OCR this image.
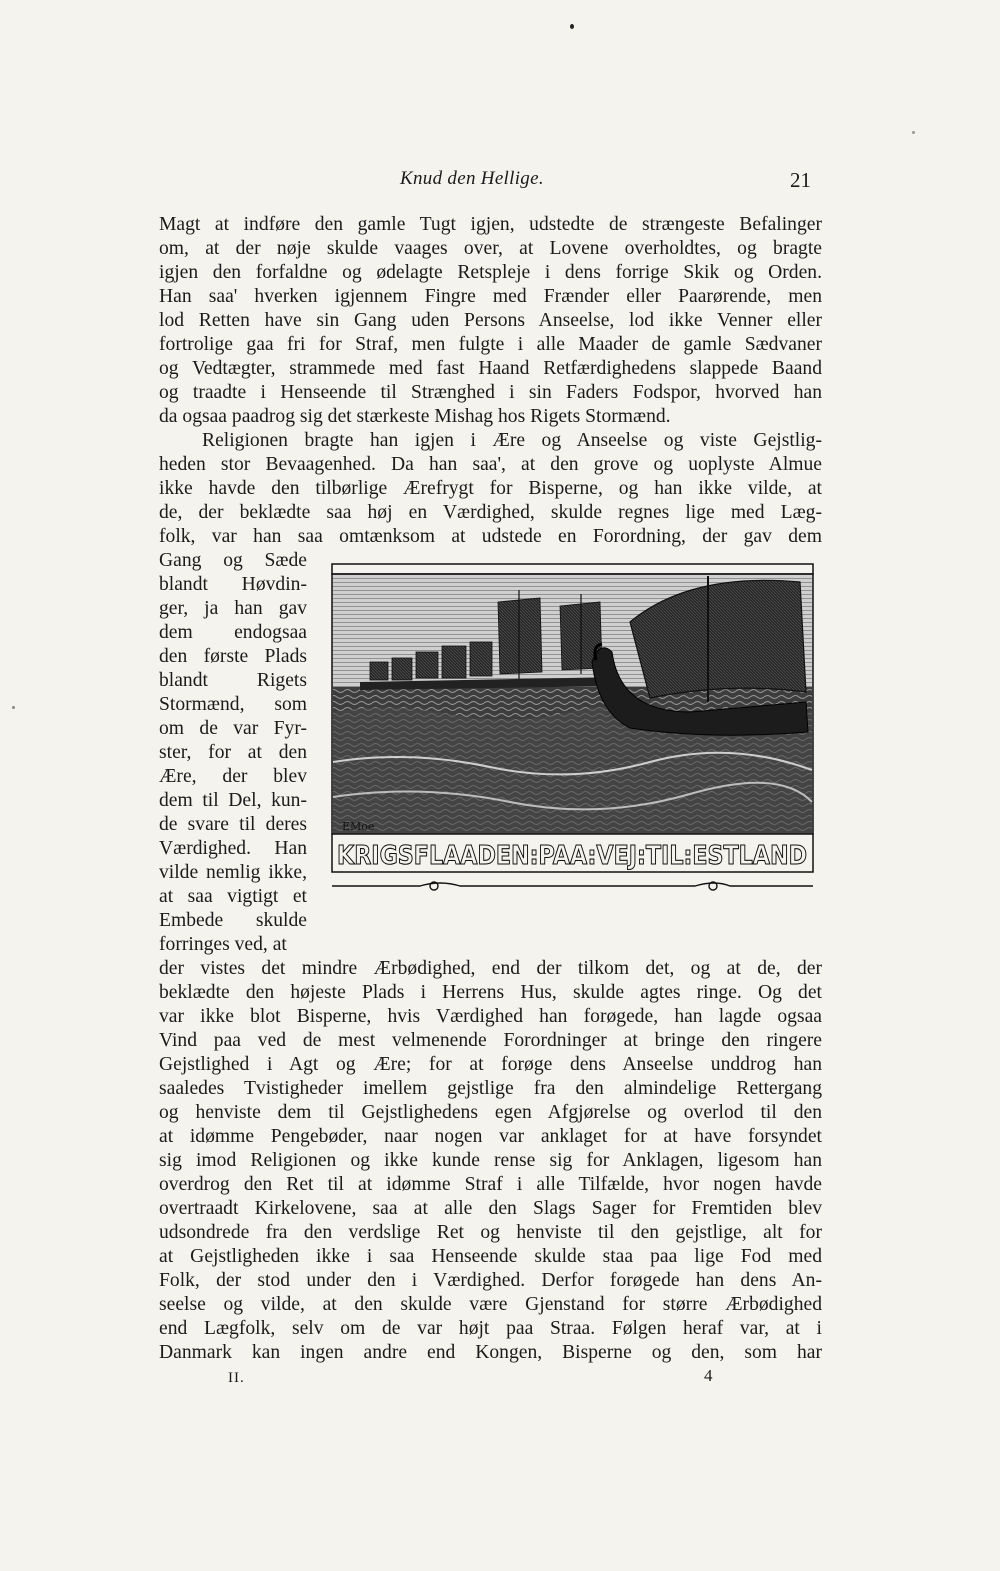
Knud den Hellige.	21
Magt at indføre den gamle Tugt igjen, udstedte de strængeste Befalinger
om, at der nøje skulde vaages over, at Lovene overholdtes, og bragte
igjen den forfaldne og ødelagte Retspleje i dens forrige Skik og Orden.
Han saa' hverken igjennem Fingre med Frænder eller Paarørende, men
lod Retten have sin Gang uden Persons Anseelse, lod ikke Venner eller
fortrolige gaa fri for Straf, men fulgte i alle Maader de gamle Sædvaner
og Vedtægter, strammede med fast Haand Retfærdighedens slappede Baand
og traadte i Henseende til Strænghed i sin Faders Fodspor, hvorved han
da ogsaa paadrog sig det stærkeste Mishag hos Rigets Stormænd.
Religionen bragte han igjen i Ære og Anseelse og viste Gejstlig-
heden stor Bevaagenhed. Da han saa', at den grove og uoplyste Almue
ikke havde den tilbørlige Ærefrygt for Bisperne, og han ikke vilde, at
de, der beklædte saa høj en Værdighed, skulde regnes lige med Læg-
folk, var han saa omtænksom at udstede en Forordning, der gav dem
Gang og Sæde
blandt Høvdin-
ger, ja han gav
dem endogsaa
den første Plads
blandt Rigets
Stormænd, som
om de var Fyr-
ster, for at den
Ære, der blev
dem til Del, kun-
de svare til deres
Værdighed. Han
vilde nemlig ikke,
at saa vigtigt et
Embede skulde
forringes ved, at
EMoe
KRIGSFLAADEN:PAA:VEJ:TIL:ESTLAND
der vistes det mindre Ærbødighed, end der tilkom det, og at de, der
beklædte den højeste Plads i Herrens Hus, skulde agtes ringe. Og det
var ikke blot Bisperne, hvis Værdighed han forøgede, han lagde ogsaa
Vind paa ved de mest velmenende Forordninger at bringe den ringere
Gejstlighed i Agt og Ære; for at forøge dens Anseelse unddrog han
saaledes Tvistigheder imellem gejstlige fra den almindelige Rettergang
og henviste dem til Gejstlighedens egen Afgjørelse og overlod til den
at idømme Pengebøder, naar nogen var anklaget for at have forsyndet
sig imod Religionen og ikke kunde rense sig for Anklagen, ligesom han
overdrog den Ret til at idømme Straf i alle Tilfælde, hvor nogen havde
overtraadt Kirkelovene, saa at alle den Slags Sager for Fremtiden blev
udsondrede fra den verdslige Ret og henviste til den gejstlige, alt for
at Gejstligheden ikke i saa Henseende skulde staa paa lige Fod med
Folk, der stod under den i Værdighed. Derfor forøgede han dens An-
seelse og vilde, at den skulde være Gjenstand for større Ærbødighed
end Lægfolk, selv om de var højt paa Straa. Følgen heraf var, at i
Danmark kan ingen andre end Kongen, Bisperne og den, som har
II.	4
